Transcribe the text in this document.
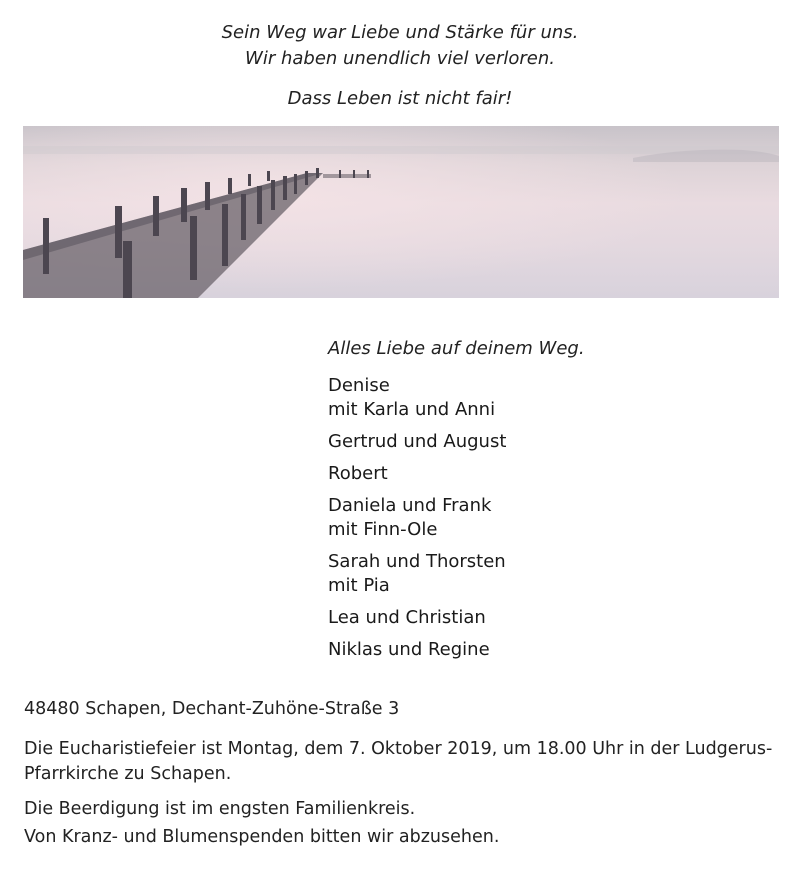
Sein Weg war Liebe und Stärke für uns.
Wir haben unendlich viel verloren.
Dass Leben ist nicht fair!
Alles Liebe auf deinem Weg.
Denise
mit Karla und Anni
Gertrud und August
Robert
Daniela und Frank
mit Finn-Ole
Sarah und Thorsten
mit Pia
Lea und Christian
Niklas und Regine

48480 Schapen, Dechant-Zuhöne-Straße 3

Die Eucharistiefeier ist Montag, dem 7. Oktober 2019, um 18.00 Uhr in der Ludgerus-Pfarrkirche zu Schapen.

Die Beerdigung ist im engsten Familienkreis.

Von Kranz- und Blumenspenden bitten wir abzusehen.
